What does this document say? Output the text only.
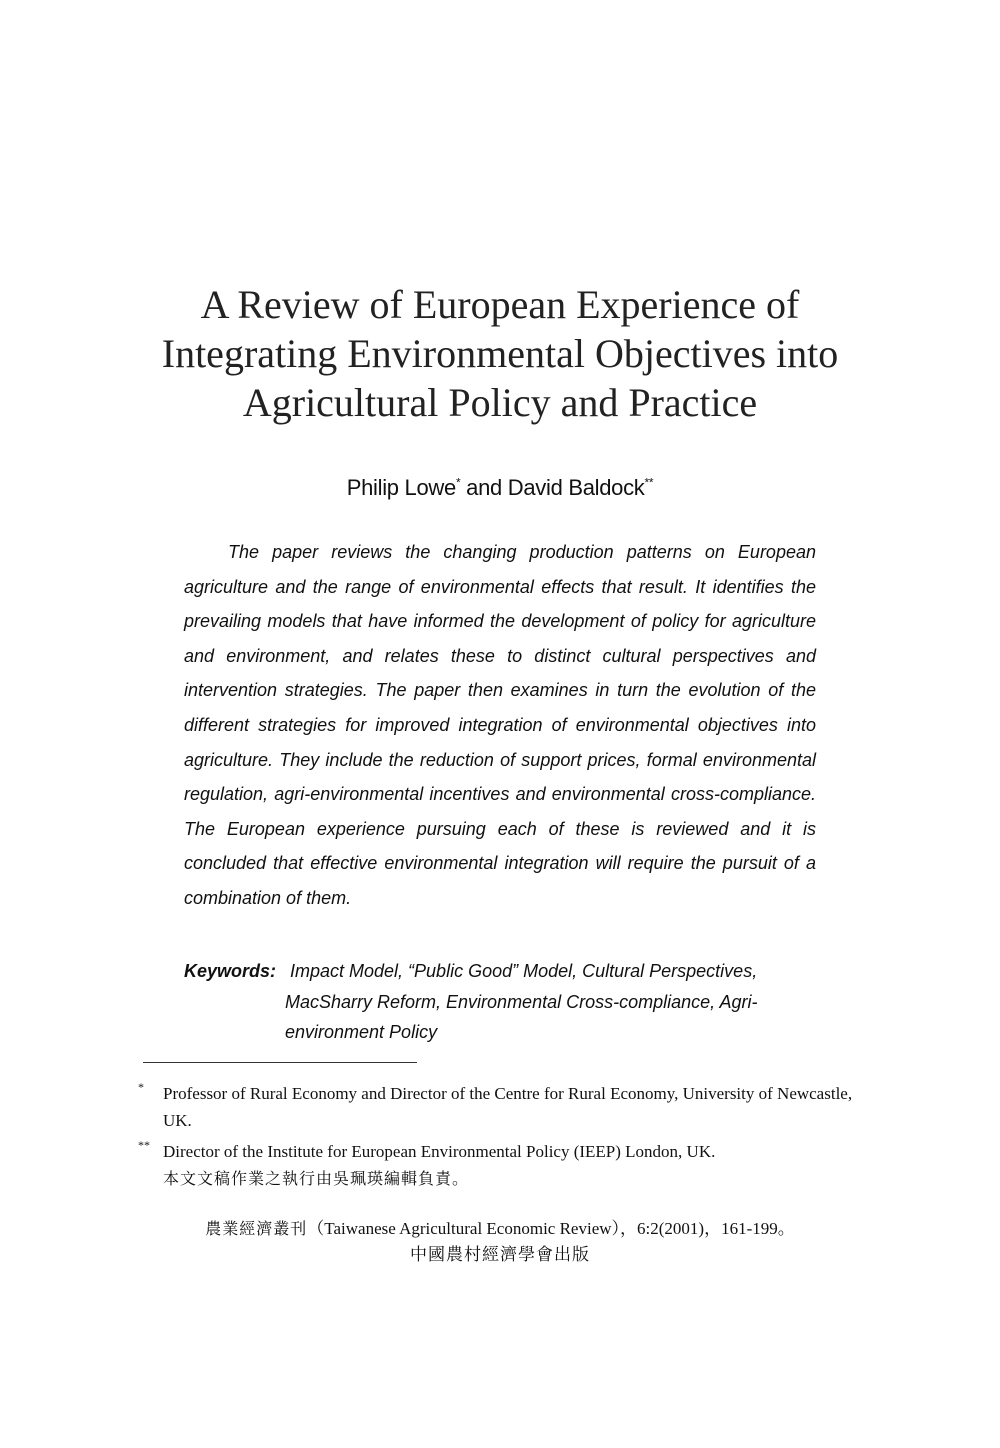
A Review of European Experience of
Integrating Environmental Objectives into
Agricultural Policy and Practice
Philip Lowe* and David Baldock**

The paper reviews the changing production patterns on European agriculture and the range of environmental effects that result. It identifies the prevailing models that have informed the development of policy for agriculture and environment, and relates these to distinct cultural perspectives and intervention strategies. The paper then examines in turn the evolution of the different strategies for improved integration of environmental objectives into agriculture. They include the reduction of support prices, formal environmental regulation, agri-environmental incentives and environmental cross-compliance. The European experience pursuing each of these is reviewed and it is concluded that effective environmental integration will require the pursuit of a combination of them.

Keywords: Impact Model, “Public Good” Model, Cultural Perspectives,
MacSharry Reform, Environmental Cross-compliance, Agri-
environment Policy
* Professor of Rural Economy and Director of the Centre for Rural Economy, University of Newcastle, UK.
** Director of the Institute for European Environmental Policy (IEEP) London, UK.
本文文稿作業之執行由吳珮瑛編輯負責。
農業經濟叢刊（Taiwanese Agricultural Economic Review），6:2(2001)，161-199。
中國農村經濟學會出版
